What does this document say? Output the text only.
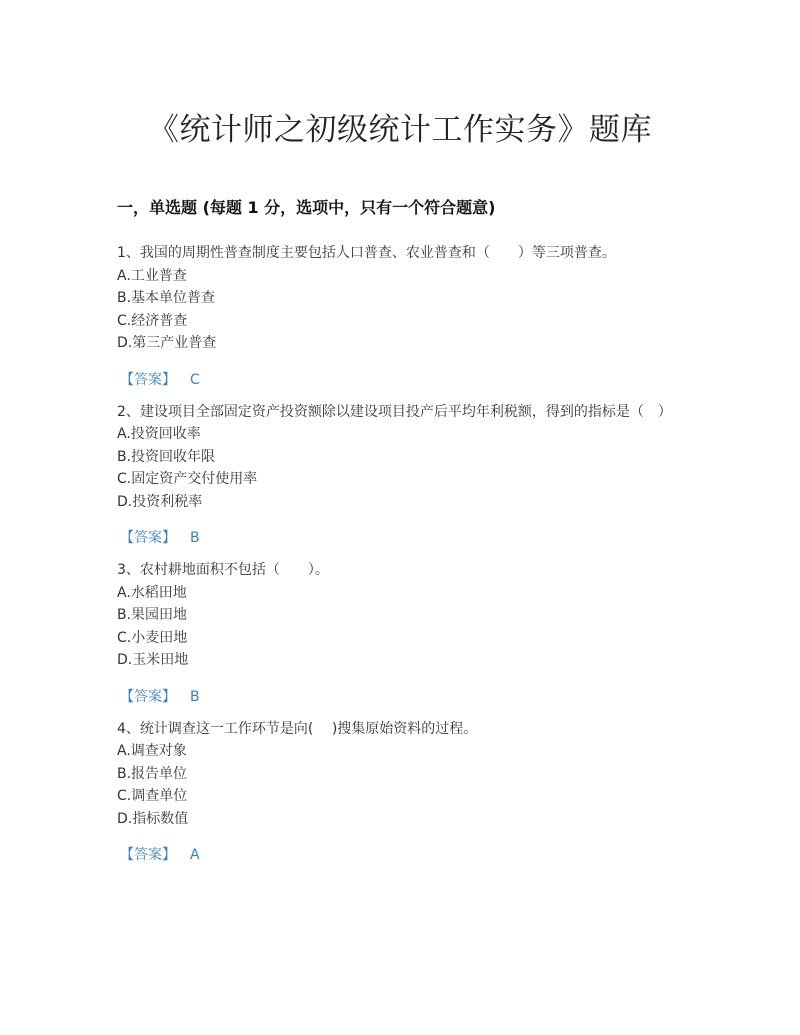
《统计师之初级统计工作实务》题库
一，单选题 (每题 1 分，选项中，只有一个符合题意)

1、我国的周期性普查制度主要包括人口普查、农业普查和（　　）等三项普查。

A.工业普查

B.基本单位普查

C.经济普查

D.第三产业普查

【答案】 C

2、建设项目全部固定资产投资额除以建设项目投产后平均年利税额，得到的指标是（　）

A.投资回收率

B.投资回收年限

C.固定资产交付使用率

D.投资利税率

【答案】 B

3、农村耕地面积不包括（　　）。

A.水稻田地

B.果园田地

C.小麦田地

D.玉米田地

【答案】 B

4、统计调查这一工作环节是向(　 )搜集原始资料的过程。

A.调查对象

B.报告单位

C.调查单位

D.指标数值

【答案】 A
